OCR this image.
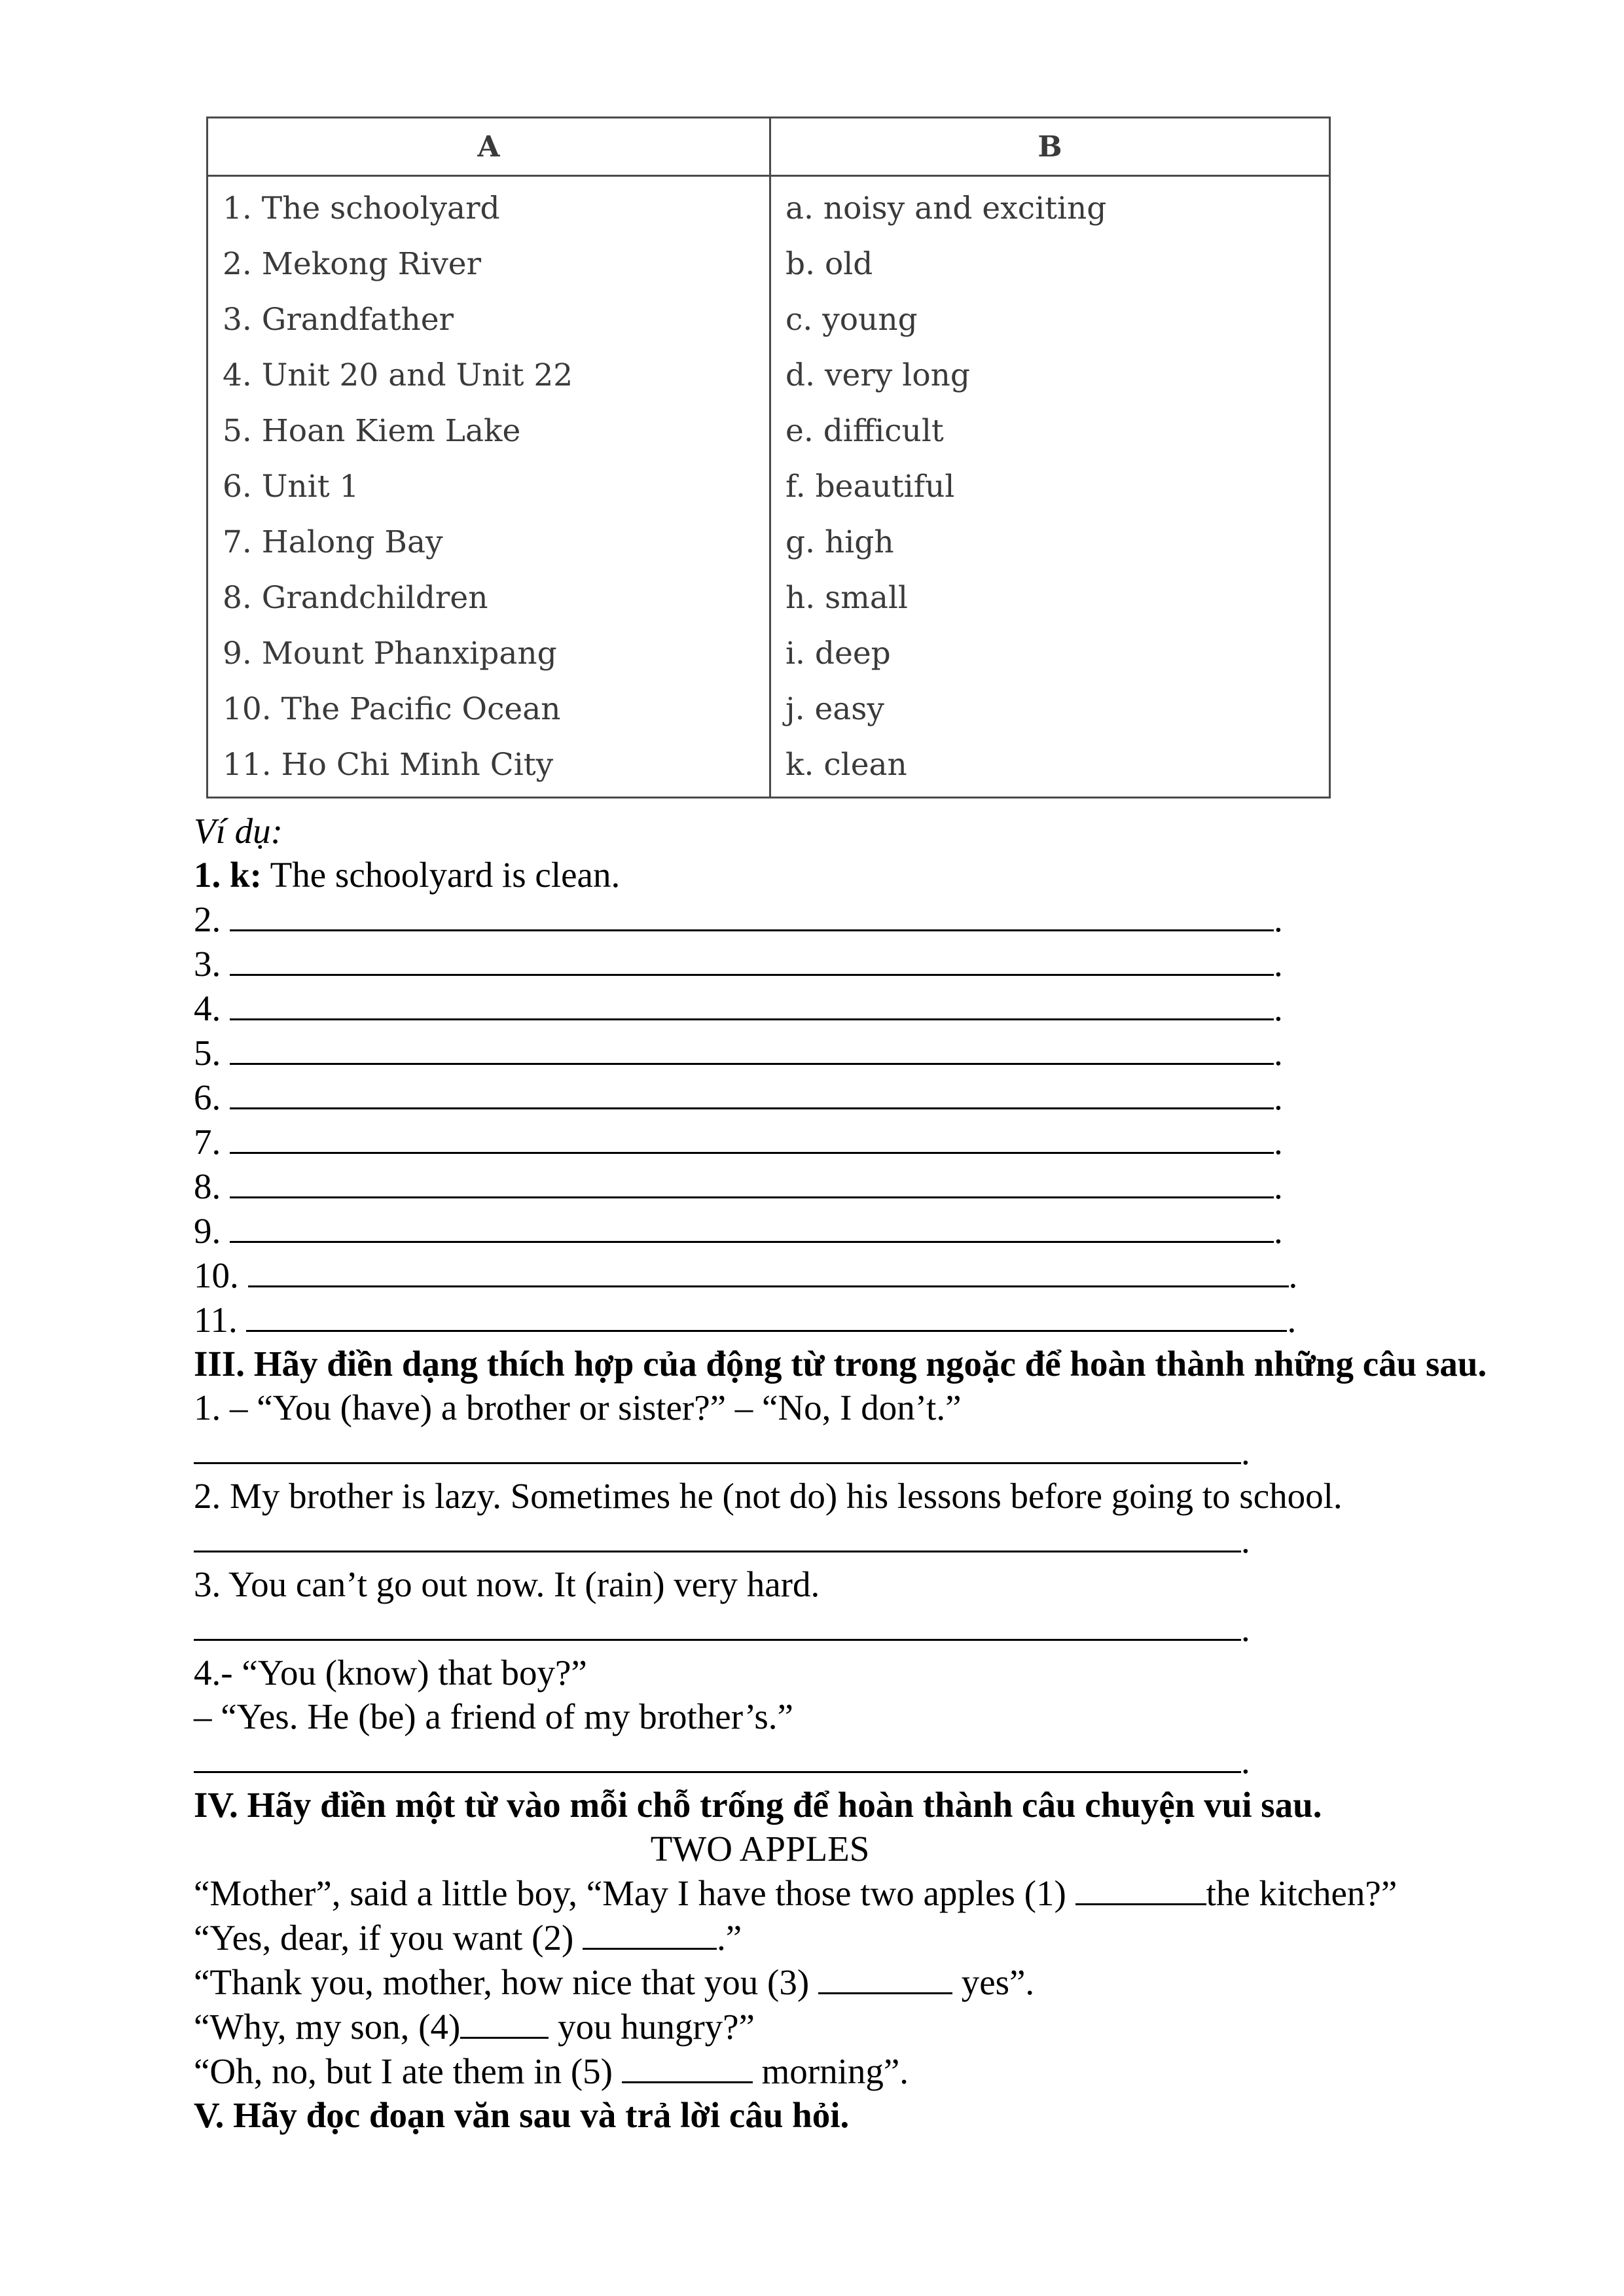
A	B
1. The schoolyard	a. noisy and exciting
2. Mekong River	b. old
3. Grandfather	c. young
4. Unit 20 and Unit 22	d. very long
5. Hoan Kiem Lake	e. difficult
6. Unit 1	f. beautiful
7. Halong Bay	g. high
8. Grandchildren	h. small
9. Mount Phanxipang	i. deep
10. The Pacific Ocean	j. easy
11. Ho Chi Minh City	k. clean
Ví dụ:
1. k: The schoolyard is clean.
2.	.
3.	.
4.	.
5.	.
6.	.
7.	.
8.	.
9.	.
10.	.
11.	.
III. Hãy điền dạng thích hợp của động từ trong ngoặc để hoàn thành những câu sau.
1. – “You (have) a brother or sister?” – “No, I don’t.”
.
2. My brother is lazy. Sometimes he (not do) his lessons before going to school.
.
3. You can’t go out now. It (rain) very hard.
.
4.- “You (know) that boy?”
– “Yes. He (be) a friend of my brother’s.”
.
IV. Hãy điền một từ vào mỗi chỗ trống để hoàn thành câu chuyện vui sau.
TWO APPLES
“Mother”, said a little boy, “May I have those two apples (1)	the kitchen?”
“Yes, dear, if you want (2)	.”
“Thank you, mother, how nice that you (3)	yes”.
“Why, my son, (4) you hungry?”
“Oh, no, but I ate them in (5)	morning”.
V. Hãy đọc đoạn văn sau và trả lời câu hỏi.
